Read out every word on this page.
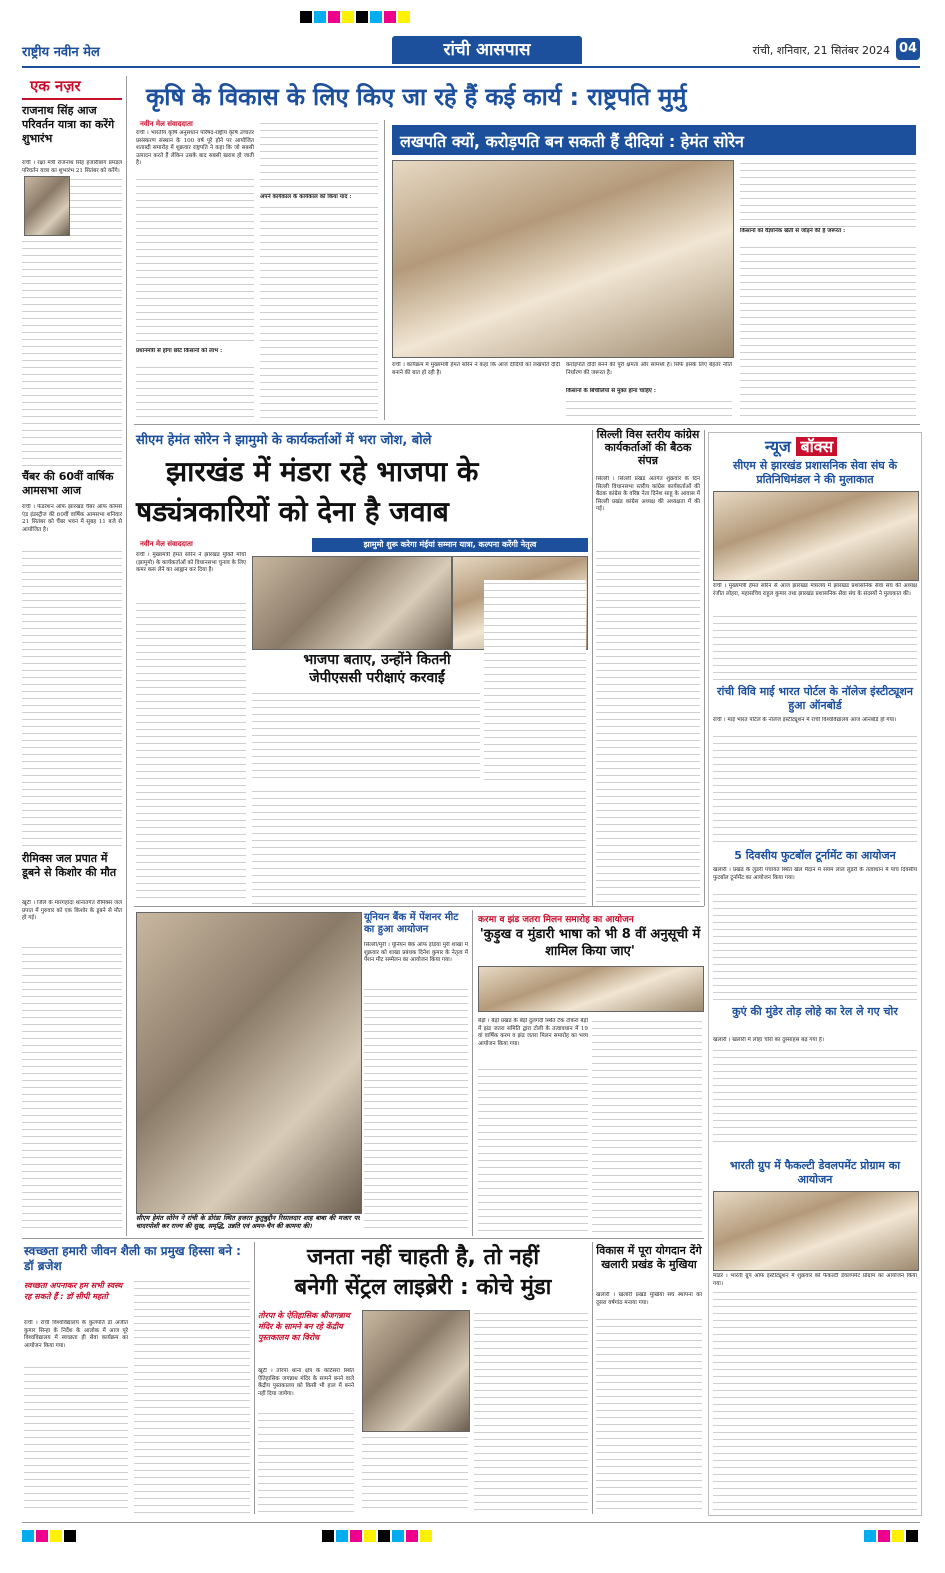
राष्ट्रीय नवीन मेल	रांची आसपास	रांची, शनिवार, 21 सितंबर 2024 04
एक नज़र
राजनाथ सिंह आज परिवर्तन यात्रा का करेंगे शुभारंभ
रांची । रक्षा मंत्री राजनाथ सिंह हजारीबाग प्रमंडल परिवर्तन यात्रा का शुभारंभ 21 सितंबर को करेंगे।
चैंबर की 60वीं वार्षिक आमसभा आज
रांची । फेडरेशन ऑफ झारखंड चैंबर ऑफ कॉमर्स एंड इंडस्ट्रीज की 60वीं वार्षिक आमसभा शनिवार 21 सितंबर को चैंबर भवन में सुबह 11 बजे से आयोजित है।
रीमिक्स जल प्रपात में डूबने से किशोर की मौत
खूंटी । जिले के मारंगहादा थानांतर्गत रीमिक्स जल प्रपात में गुरुवार को एक किशोर के डूबने से मौत हो गई।
कृषि के विकास के लिए किए जा रहे हैं कई कार्य : राष्ट्रपति मुर्मु
नवीन मेल संवाददाता
रांची । भारतीय कृषि अनुसंधान परिषद-राष्ट्रीय कृषि उच्चतर प्रसंस्करण संस्थान के 100 वर्ष पूरे होने पर आयोजित शताब्दी समारोह में शुक्रवार राष्ट्रपति ने कहा कि जो सबसी उत्पादन करते हैं लेकिन उसके बाद सबसी खराब हो जाती है।
प्रधानमंत्री से होगा छोटे किसानों को लाभ :
अपने कार्यकाल के कार्यकाल को किया याद :
लखपति क्यों, करोड़पति बन सकती हैं दीदियां : हेमंत सोरेन
रांची । कार्यक्रम में मुख्यमंत्री हेमंत सोरेन ने कहा कि आज दीदियों को लखपति दीदी बनाने की बात हो रही है।
करोड़पति दीदी बनने की पूरी क्षमता और सामर्थ्य है। सिर्फ इसके लिए बेहतर नीति निर्धारण की जरूरत है।
किसानों के बिचौलियों से मुक्त होना चाहिए :
किसानों को वैज्ञानिक खेती से जोड़ने की है जरूरत :
सीएम हेमंत सोरेन ने झामुमो के कार्यकर्ताओं में भरा जोश, बोले
झारखंड में मंडरा रहे भाजपा के
षड्यंत्रकारियों को देना है जवाब
झामुमो शुरू करेगा मंईयां सम्मान यात्रा, कल्पना करेंगी नेतृत्व
नवीन मेल संवाददाता
रांची । मुख्यमंत्री हेमंत सोरेन ने झारखंड मुक्ति मोर्चा (झामुमो) के कार्यकर्ताओं को विधानसभा चुनाव के लिए कमर कस लेने का आह्वान कर दिया है।
भाजपा बताए, उन्होंने कितनी
जेपीएससी परीक्षाएं करवाईं
सिल्ली विस स्तरीय कांग्रेस कार्यकर्ताओं की बैठक संपन्न
सिल्ली । सिल्ली प्रखंड अंतर्गत शुक्रवार के दिन सिल्ली विधानसभा स्तरीय कांग्रेस कार्यकर्ताओं की बैठक कांग्रेस के वरिष्ठ नेता दिनेश साहू के आवास में सिल्ली प्रखंड कांग्रेस अध्यक्ष की अध्यक्षता में की गई।
न्यूज बॉक्स
सीएम से झारखंड प्रशासनिक सेवा संघ के प्रतिनिधिमंडल ने की मुलाकात
रांची । मुख्यमंत्री हेमंत सोरेन से आज झारखंड मंत्रालय में झारखंड प्रशासनिक सेवा संघ की अध्यक्ष रंजीत लोहरा, महासचिव राहुल कुमार तथा झारखंड प्रशासनिक सेवा संघ के सदस्यों ने मुलाकात की।
रांची विवि माई भारत पोर्टल के नॉलेज इंस्टीट्यूशन हुआ ऑनबोर्ड
रांची । माई भारत पोर्टल के नॉलेज इंस्टीट्यूशन में रांची विश्वविद्यालय आज ऑनबोर्ड हो गया।
5 दिवसीय फुटबॉल टूर्नामेंट का आयोजन
खलारी । प्रखंड के लुंडरी पंचायत स्थित खेल मैदान में संयम लाल लुंडरी के तत्वाधान में पांच दिवसीय फुटबॉल टूर्नामेंट का आयोजन किया गया।
कुएं की मुंडेर तोड़ लोहे का रेल ले गए चोर
खलारी । खलारी में लोहा चोरों का दुस्साहस बढ़ गया है।
भारती ग्रुप में फैकल्टी डेवलपमेंट प्रोग्राम का आयोजन
मांडर । भारती ग्रुप ऑफ इंस्टीट्यूशन में शुक्रवार को फैकल्टी डेवलपमेंट प्रोग्राम का आयोजन किया गया।
सीएम हेमंत सोरेन ने रांची के डोरंडा स्थित हजरत कुतुबुद्दीन रिसालदार शाह बाबा की मजार पर चादरपोशी कर राज्य की सुख, समृद्धि, उन्नति एवं अमन-चैन की कामना की।
यूनियन बैंक में पेंशनर मीट का हुआ आयोजन
सिल्ली/मुरी । यूनियन बैंक ऑफ इंडिया मुरी शाखा में शुक्रवार को शाखा प्रबंधक दिनेश कुमार के नेतृत्व में पेंशन मीट सम्मेलन का आयोजन किया गया।
करमा व झंड जतरा मिलन समारोह का आयोजन
'कुड़ुख व मुंडारी भाषा को भी 8 वीं अनुसूची में शामिल किया जाए'
बेड़ो । बेड़ो प्रखंड के बेड़ो दुलगदी स्थित टैक टोकरा बेड़ो में झंड जतरा समिति द्वारा टोली के तत्वावधान में 19 वां वार्षिक करम व झंड जतरा मिलन समारोह का भव्य आयोजन किया गया।
स्वच्छता हमारी जीवन शैली का प्रमुख हिस्सा बने : डॉ ब्रजेश
स्वच्छता अपनाकर हम सभी स्वस्थ रह सकते हैं : डॉ सीपी महतो
रांची । रांची विश्वविद्यालय के कुलपति डॉ अजीत कुमार सिन्हा के निर्देश के आलोक में आज पूरे विश्वविद्यालय में स्वच्छता ही सेवा कार्यक्रम का आयोजन किया गया।
जनता नहीं चाहती है, तो नहीं
बनेगी सेंट्रल लाइब्रेरी : कोचे मुंडा
तोरपा के ऐतिहासिक श्रीजगन्नाथ मंदिर के सामने बन रहे केंद्रीय पुस्तकालय का विरोध
खूंटी । तोरपा थाना क्षेत्र के कोटेसरा स्थित ऐतिहासिक जगन्नाथ मंदिर के सामने बनने वाले केंद्रीय पुस्तकालय को किसी भी हाल में बनने नहीं दिया जायेगा।
विकास में पूरा योगदान देंगे खलारी प्रखंड के मुखिया
खलारी । खलारी प्रखंड मुखिया संघ स्थापना का दूसरा वर्षगांठ मनाया गया।
